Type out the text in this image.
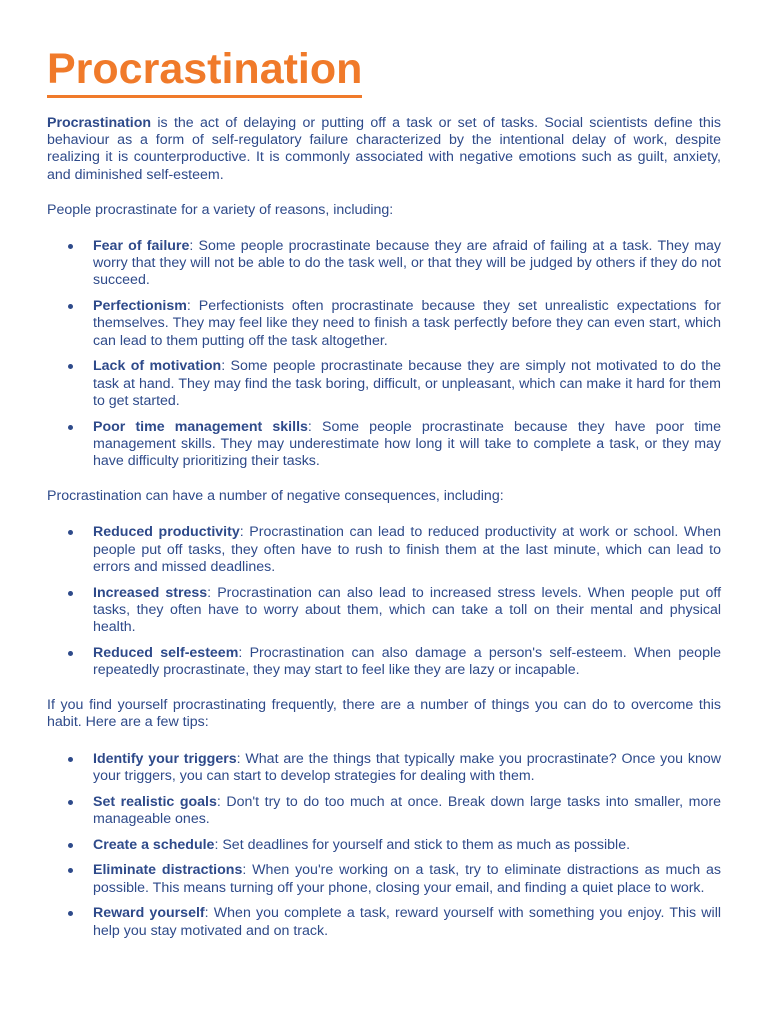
Procrastination

Procrastination is the act of delaying or putting off a task or set of tasks. Social scientists define this behaviour as a form of self-regulatory failure characterized by the intentional delay of work, despite realizing it is counterproductive. It is commonly associated with negative emotions such as guilt, anxiety, and diminished self-esteem.

People procrastinate for a variety of reasons, including:

Fear of failure: Some people procrastinate because they are afraid of failing at a task. They may worry that they will not be able to do the task well, or that they will be judged by others if they do not succeed.
Perfectionism: Perfectionists often procrastinate because they set unrealistic expectations for themselves. They may feel like they need to finish a task perfectly before they can even start, which can lead to them putting off the task altogether.
Lack of motivation: Some people procrastinate because they are simply not motivated to do the task at hand. They may find the task boring, difficult, or unpleasant, which can make it hard for them to get started.
Poor time management skills: Some people procrastinate because they have poor time management skills. They may underestimate how long it will take to complete a task, or they may have difficulty prioritizing their tasks.

Procrastination can have a number of negative consequences, including:

Reduced productivity: Procrastination can lead to reduced productivity at work or school. When people put off tasks, they often have to rush to finish them at the last minute, which can lead to errors and missed deadlines.
Increased stress: Procrastination can also lead to increased stress levels. When people put off tasks, they often have to worry about them, which can take a toll on their mental and physical health.
Reduced self-esteem: Procrastination can also damage a person's self-esteem. When people repeatedly procrastinate, they may start to feel like they are lazy or incapable.

If you find yourself procrastinating frequently, there are a number of things you can do to overcome this habit. Here are a few tips:

Identify your triggers: What are the things that typically make you procrastinate? Once you know your triggers, you can start to develop strategies for dealing with them.
Set realistic goals: Don't try to do too much at once. Break down large tasks into smaller, more manageable ones.
Create a schedule: Set deadlines for yourself and stick to them as much as possible.
Eliminate distractions: When you're working on a task, try to eliminate distractions as much as possible. This means turning off your phone, closing your email, and finding a quiet place to work.
Reward yourself: When you complete a task, reward yourself with something you enjoy. This will help you stay motivated and on track.
